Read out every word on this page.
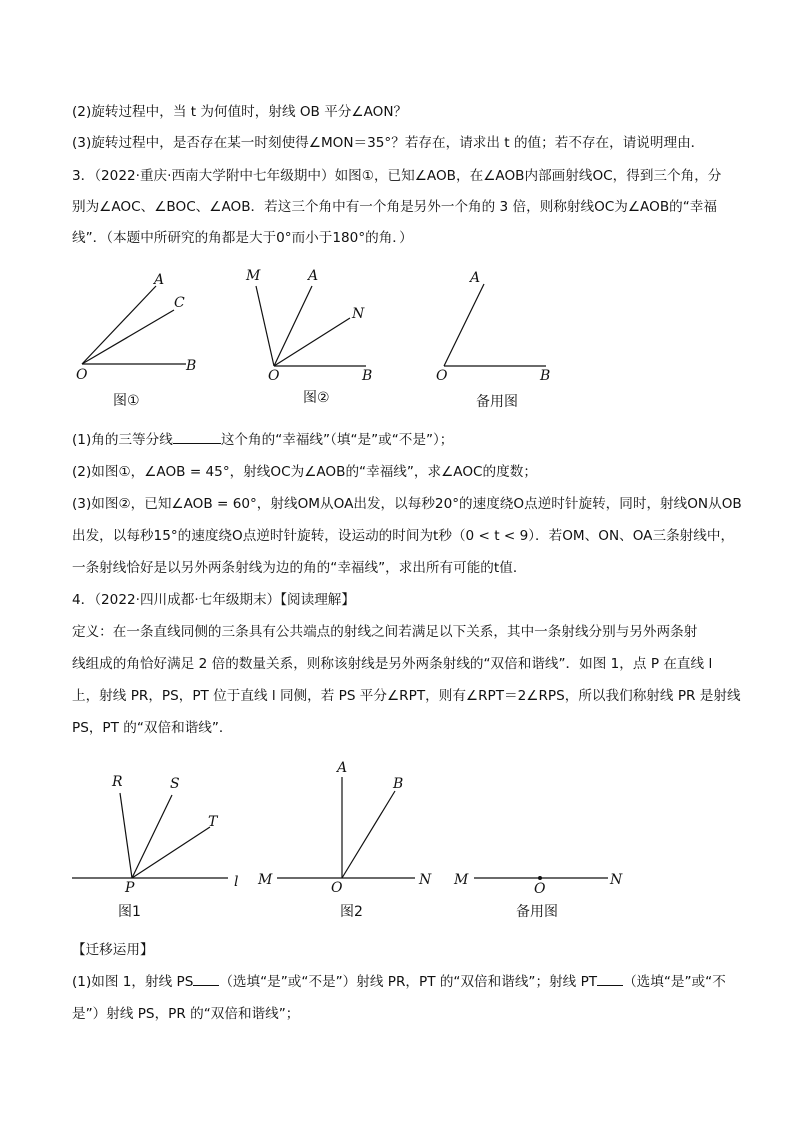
(2)旋转过程中，当 t 为何值时，射线 OB 平分∠AON？
(3)旋转过程中，是否存在某一时刻使得∠MON＝35°？若存在，请求出 t 的值；若不存在，请说明理由．
3．（2022·重庆·西南大学附中七年级期中）如图①，已知∠AOB，在∠AOB内部画射线OC，得到三个角，分
别为∠AOC、∠BOC、∠AOB．若这三个角中有一个角是另外一个角的 3 倍，则称射线OC为∠AOB的“幸福
线”．（本题中所研究的角都是大于0°而小于180°的角．）
A
C
O
B
图①
M	A
N
O	B
图②
A
O	B
备用图
(1)角的三等分线	这个角的“幸福线”（填“是”或“不是”）；
(2)如图①，∠AOB = 45°，射线OC为∠AOB的“幸福线”，求∠AOC的度数；
(3)如图②，已知∠AOB = 60°，射线OM从OA出发，以每秒20°的速度绕O点逆时针旋转，同时，射线ON从OB
出发，以每秒15°的速度绕O点逆时针旋转，设运动的时间为t秒（0 < t < 9）．若OM、ON、OA三条射线中，
一条射线恰好是以另外两条射线为边的角的“幸福线”，求出所有可能的t值．
4．（2022·四川成都·七年级期末）【阅读理解】
定义：在一条直线同侧的三条具有公共端点的射线之间若满足以下关系，其中一条射线分别与另外两条射
线组成的角恰好满足 2 倍的数量关系，则称该射线是另外两条射线的“双倍和谐线”．如图 1，点 P 在直线 l
上，射线 PR，PS，PT 位于直线 l 同侧，若 PS 平分∠RPT，则有∠RPT＝2∠RPS，所以我们称射线 PR 是射线
PS，PT 的“双倍和谐线”．
R	S
T
P	l
图1
A
B
M	O	N
图2
M
O
N
备用图
【迁移运用】
(1)如图 1，射线 PS （选填“是”或“不是”）射线 PR，PT 的“双倍和谐线”；射线 PT （选填“是”或“不
是”）射线 PS，PR 的“双倍和谐线”；
